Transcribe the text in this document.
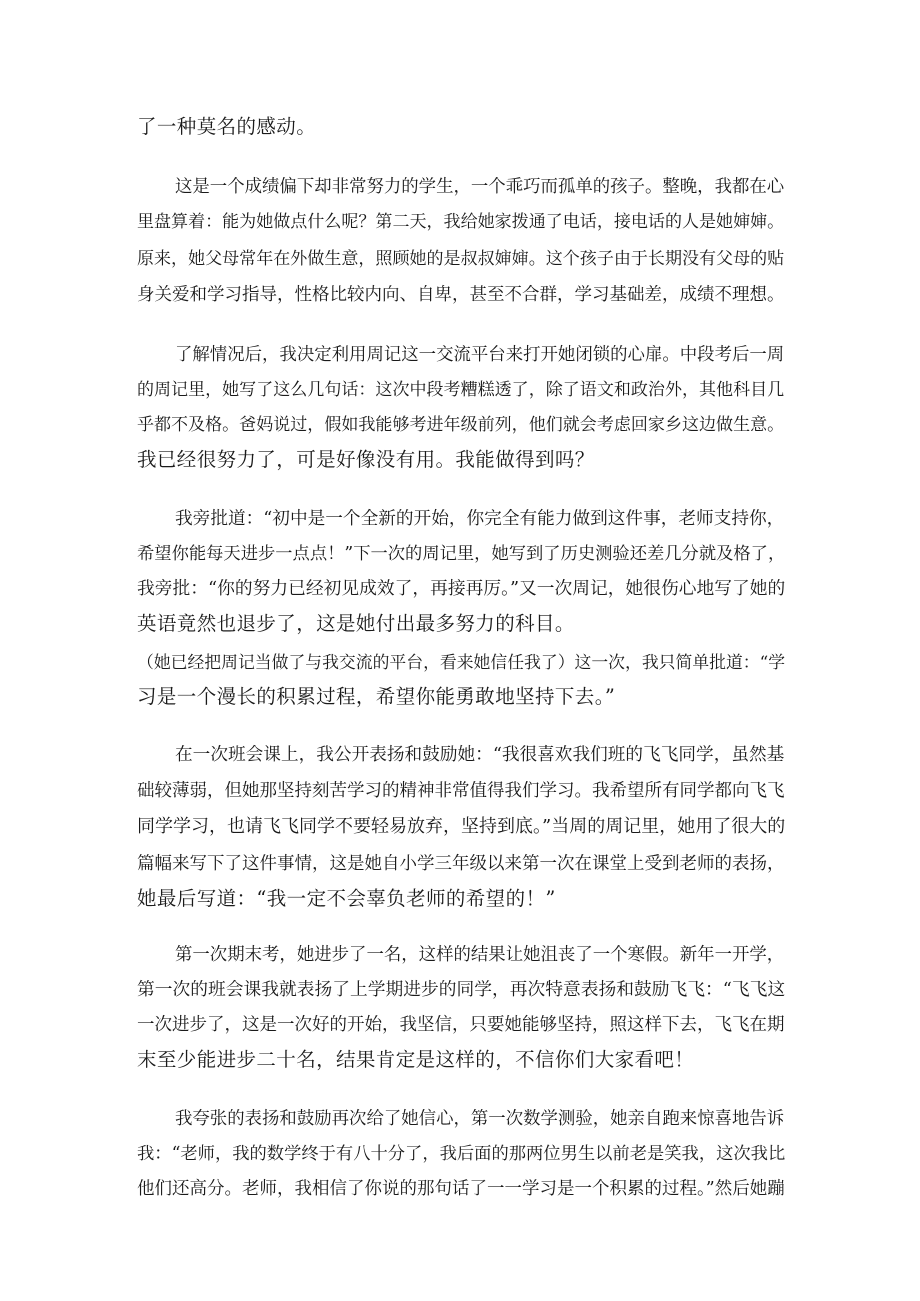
了一种莫名的感动。
这是一个成绩偏下却非常努力的学生，一个乖巧而孤单的孩子。整晚，我都在心
里盘算着：能为她做点什么呢？第二天，我给她家拨通了电话，接电话的人是她婶婶。
原来，她父母常年在外做生意，照顾她的是叔叔婶婶。这个孩子由于长期没有父母的贴
身关爱和学习指导，性格比较内向、自卑，甚至不合群，学习基础差，成绩不理想。
了解情况后，我决定利用周记这一交流平台来打开她闭锁的心扉。中段考后一周
的周记里，她写了这么几句话：这次中段考糟糕透了，除了语文和政治外，其他科目几
乎都不及格。爸妈说过，假如我能够考进年级前列，他们就会考虑回家乡这边做生意。
我已经很努力了，可是好像没有用。我能做得到吗？
我旁批道：“初中是一个全新的开始，你完全有能力做到这件事，老师支持你，
希望你能每天进步一点点！”下一次的周记里，她写到了历史测验还差几分就及格了，
我旁批：“你的努力已经初见成效了，再接再厉。”又一次周记，她很伤心地写了她的
英语竟然也退步了，这是她付出最多努力的科目。
（她已经把周记当做了与我交流的平台，看来她信任我了）这一次，我只简单批道：“学
习是一个漫长的积累过程，希望你能勇敢地坚持下去。”
在一次班会课上，我公开表扬和鼓励她：“我很喜欢我们班的飞飞同学，虽然基
础较薄弱，但她那坚持刻苦学习的精神非常值得我们学习。我希望所有同学都向飞飞
同学学习，也请飞飞同学不要轻易放弃，坚持到底。”当周的周记里，她用了很大的
篇幅来写下了这件事情，这是她自小学三年级以来第一次在课堂上受到老师的表扬，
她最后写道：“我一定不会辜负老师的希望的！”
第一次期末考，她进步了一名，这样的结果让她沮丧了一个寒假。新年一开学，
第一次的班会课我就表扬了上学期进步的同学，再次特意表扬和鼓励飞飞：“飞飞这
一次进步了，这是一次好的开始，我坚信，只要她能够坚持，照这样下去，飞飞在期
末至少能进步二十名，结果肯定是这样的，不信你们大家看吧！
我夸张的表扬和鼓励再次给了她信心，第一次数学测验，她亲自跑来惊喜地告诉
我：“老师，我的数学终于有八十分了，我后面的那两位男生以前老是笑我，这次我比
他们还高分。老师，我相信了你说的那句话了一一学习是一个积累的过程。”然后她蹦
